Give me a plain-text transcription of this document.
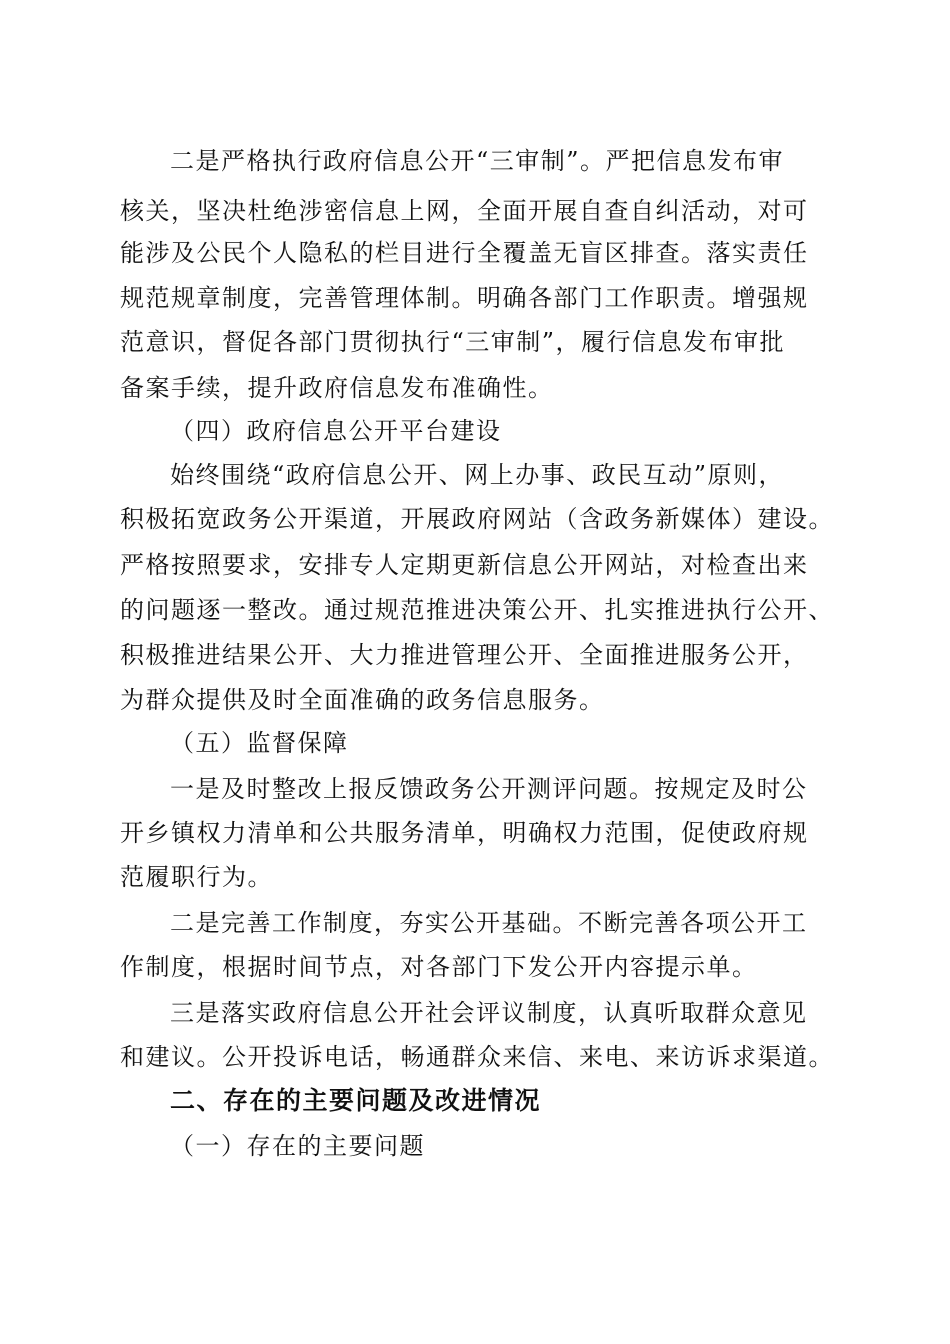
二是严格执行政府信息公开“三审制”。严把信息发布审
核关，坚决杜绝涉密信息上网，全面开展自查自纠活动，对可
能涉及公民个人隐私的栏目进行全覆盖无盲区排查。落实责任
规范规章制度，完善管理体制。明确各部门工作职责。增强规
范意识，督促各部门贯彻执行“三审制”，履行信息发布审批
备案手续，提升政府信息发布准确性。
（四）政府信息公开平台建设
始终围绕“政府信息公开、网上办事、政民互动”原则，
积极拓宽政务公开渠道，开展政府网站（含政务新媒体）建设。
严格按照要求，安排专人定期更新信息公开网站，对检查出来
的问题逐一整改。通过规范推进决策公开、扎实推进执行公开、
积极推进结果公开、大力推进管理公开、全面推进服务公开，
为群众提供及时全面准确的政务信息服务。
（五）监督保障
一是及时整改上报反馈政务公开测评问题。按规定及时公
开乡镇权力清单和公共服务清单，明确权力范围，促使政府规
范履职行为。
二是完善工作制度，夯实公开基础。不断完善各项公开工
作制度，根据时间节点，对各部门下发公开内容提示单。
三是落实政府信息公开社会评议制度，认真听取群众意见
和建议。公开投诉电话，畅通群众来信、来电、来访诉求渠道。
二、存在的主要问题及改进情况
（一）存在的主要问题
